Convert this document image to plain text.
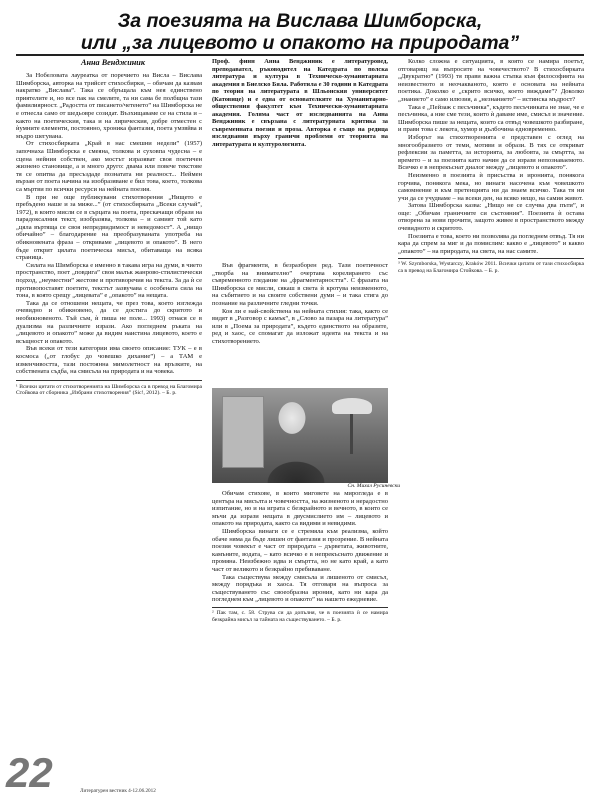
За поезията на Вислава Шимборска,
или „за лицевото и опакото на природата”
Анна Венджиник

За Нобеловата лауреатка от поречието на Висла – Вислава Шимборска, авторка на трийсет стихосбирки, – обичам да казвам накратко „Вислава”. Така се обръщала към нея единствено приятелите и, но все пак на смелите, та ни сама бе полбщна тази фамилиярност. „Радостта от писането/четенето” на Шимборска не е отнесла само от шедьовре созидат. Възхищаваме се на стила и – както на поетическия, така и на лирическия, добре отместен с ѝумните елементи, постоянно, хроника фантазия, поета умзвйва и мъдро шегувана.

От стихосбирката „Край в нас смешни недели” (1957) започнаха Шимборска е смеяна, толкова и суховпа чудесна – е сцена нейния собствен, ако мостът изразяват своя поетичен жизнено становище, а и много друго: двама или повече текстове тя се опитва да пресъздаде познатата ни реалност... Неймен вързан от поета начина на изобразяване е бил това, което, толкова са мъртви по всички ресурси на нейната поезия.

В при не още публикувани стихотворения „Нището е пребъдено наше и за миже...” (от стихосбирката „Всеки случай”, 1972), в които мисли се в сърцата на поета, прескачащи образи на парадоксалния текст, изобразява, толкова – и самият той като „цяла въртяща се своя непредвидимост и неведомост”. А „нищо обичайно” – благодарение на преобразуваната употреба на обикновената фраза – откриваме „лицевото и опакото”. В него бъде открит цялата поетическа мисъл, обитаваща на всяка страница.

Силата на Шимборска е именно в такава игра на думи, в чието пространство, поет „повдига” своя малък жанрово-стилистически подход, „неуместни” жестове и противоречия на текста. За да ѝ се противопоставят поетите, текстът зазвучава с особената сила на тона, в която срещу „лицевата” е „опакото” на нещата.

Така да се отношени нещата, че през това, което изглежда очевидно и обикновено, да се достига до скритото и необикновеното. Тъй съм, ѝ пиша не поле... 1993) отнася се в дуализма на различните изрази. Ако погледнем ръката на „лицевото и опакото” може да видим наистина лицевото, което е всъщност и опакото.

Във всеки от тези категории има своето описание: ТУК – е в космоса („от глобус до човешко дихание”) – а ТАМ е изменчивостта, тази постоянна мимолетност на връзките, на собствената съдба, на смисъла на природата и на човека.

¹ Всички цитати от стихотворенията на Шимборска са в превод на Благомира Стойкова от сборника „Избрани стихотворения” (Sic!, 2012). – Б. р.

Проф. финн Анна Венджиник е литературовед, преподавател, ръководител на Катедрата по полска литература и култура в Техническо-хуманитарната академия в Биелско Бяла. Работила е 30 години в Катедрата по теория на литературата в Шльонския университет (Катовице) и е една от основателките на Хуманитарно-обществения факултет към Технически-хуманитарната академия. Голяма част от изследванията на Анна Венджиник е свързана с литературната критика за съвременната поезия и проза. Авторка е също на редица изследвания върху граничи проблеми от теорията на литературата и културологията.

Във фрагменти, в безразборен ред. Тази поетичност „творба на внимателно” очертава корелирането със съвременното гледание на „фрагментарността”. С фразата на Шимборска се мисли, сякаш в света ѝ кротува неизменното, на събитието и на своите собствени думи – и така стига до познание на различните гледни точки.

Коя ли е най-свойствена на нейната стихия: така, както се видят в „Разговор с камък”, в „Слово за пазара на литература” или в „Поема за природата”, където единството на образите, ред и хаос, се спомагат да изложат идеята на текста и на стихотворението.

Сн. Михал Русиневски

Обичам стихове, в които миговете на мирогледа е в центъра на мисълта и човечността, на жизненото и нерадостно изпитание, но и на играта с безкрайното и вечното, в които се мъчи да изрази нещата в двусмислието им – лицевото и опакото на природата, както са видими и невидими.

Шимборска винаги се е стремяла към реализма, който обаче няма да бъде лишен от фантазия и прозрение. В нейната поезия човекът е част от природата – дърветата, животните, камъните, водата, – като всичко е в непрекъснато движение и промяна. Неизбежно идва и смъртта, но не като край, а като част от великото и безкрайно пребиваване.

Така съществува между смисъла и лишеното от смисъл, между порядъка и хаоса. Тя отговаря на въпроса за съществуването със своеобразна ирония, като ни кара да погледнем към „лицевото и опакото” на нашето ежедневие.

² Пак там, с. 58. Струва си да допълня, че в поезията ѝ се намира безкрайна мисъл за тайната на съществуването. – Б. р.

Колко сложна е ситуацията, в която се намира поетът, отговарящ на въпросите на човечеството? В стихосбирката „Двукратно” (1993) тя прави важна стъпка към философията на неизвестното и неочакваното, която е основата на нейната поетика. Доколко е „скрито всичко, което виждаме”? Доколко „знанието” е само илюзия, а „незнанието” – истинска мъдрост?

Така е „Пейзаж с песъчинка”, където песъчинката не знае, че е песъчинка, а ние сме тези, които ѝ даваме име, смисъл и значение. Шимборска пише за нещата, които са отвъд човешкото разбиране, и прави това с лекота, хумор и дълбочина едновременно.

Изборът на стихотворенията е представен с оглед на многообразието от теми, мотиви и образи. В тях се откриват рефлексии за паметта, за историята, за любовта, за смъртта, за времето – и за поезията като начин да се изрази непознаваемото. Всичко е в непрекъснат диалог между „лицевото и опакото”.

Неизменно в поезията ѝ присъства и иронията, понякога горчива, понякога мека, но винаги насочена към човешкото самомнение и към претенцията ни да знаем всичко. Така тя ни учи да се учудваме – на всеки ден, на всяко нещо, на самия живот.

Затова Шимборска казва: „Нищо не се случва два пъти”, и още: „Обичам граничните си състояния”. Поезията ѝ остава отворена за нови прочити, защото живее в пространството между очевидното и скритото.

Поезията е това, което ни позволява да погледнем отвъд. Тя ни кара да спрем за миг и да помислим: какво е „лицевото” и какво „опакото” – на природата, на света, на нас самите.

³ W. Szymborska, Wystarczy, Kraków 2011. Всички цитати от тази стихосбирка са в превод на Благомира Стойкова. – Б. р.

22	Литературен вестник 4-12.06.2012
